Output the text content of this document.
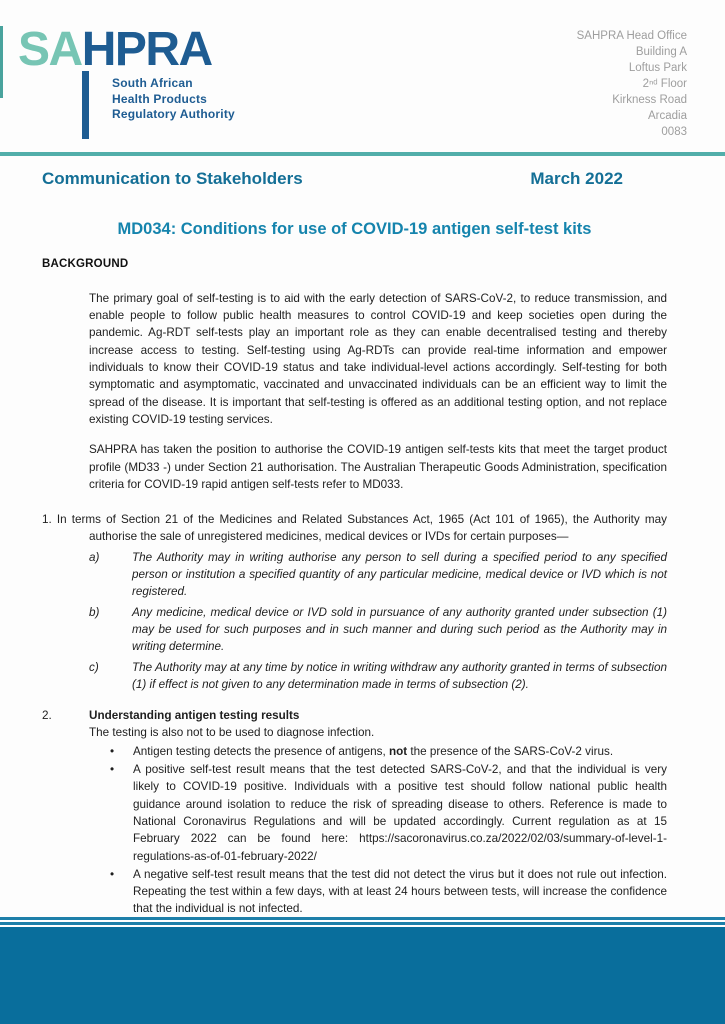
SAHPRA
South African
Health Products
Regulatory Authority
SAHPRA Head Office
Building A
Loftus Park
2ⁿᵈ Floor
Kirkness Road
Arcadia
0083
Communication to Stakeholders	March 2022
MD034: Conditions for use of COVID-19 antigen self-test kits
BACKGROUND

The primary goal of self-testing is to aid with the early detection of SARS-CoV-2, to reduce transmission, and enable people to follow public health measures to control COVID-19 and keep societies open during the pandemic. Ag-RDT self-tests play an important role as they can enable decentralised testing and thereby increase access to testing. Self-testing using Ag-RDTs can provide real-time information and empower individuals to know their COVID-19 status and take individual-level actions accordingly. Self-testing for both symptomatic and asymptomatic, vaccinated and unvaccinated individuals can be an efficient way to limit the spread of the disease. It is important that self-testing is offered as an additional testing option, and not replace existing COVID-19 testing services.

SAHPRA has taken the position to authorise the COVID-19 antigen self-tests kits that meet the target product profile (MD33 -) under Section 21 authorisation. The Australian Therapeutic Goods Administration, specification criteria for COVID-19 rapid antigen self-tests refer to MD033.

1. In terms of Section 21 of the Medicines and Related Substances Act, 1965 (Act 101 of 1965), the Authority may authorise the sale of unregistered medicines, medical devices or IVDs for certain purposes—
a)	The Authority may in writing authorise any person to sell during a specified period to any specified person or institution a specified quantity of any particular medicine, medical device or IVD which is not registered.
b)	Any medicine, medical device or IVD sold in pursuance of any authority granted under subsection (1) may be used for such purposes and in such manner and during such period as the Authority may in writing determine.
c)	The Authority may at any time by notice in writing withdraw any authority granted in terms of subsection (1) if effect is not given to any determination made in terms of subsection (2).
2.	Understanding antigen testing results
The testing is also not to be used to diagnose infection.
•	Antigen testing detects the presence of antigens, not the presence of the SARS-CoV-2 virus.
•	A positive self-test result means that the test detected SARS-CoV-2, and that the individual is very likely to COVID-19 positive. Individuals with a positive test should follow national public health guidance around isolation to reduce the risk of spreading disease to others. Reference is made to National Coronavirus Regulations and will be updated accordingly. Current regulation as at 15 February 2022 can be found here: https://sacoronavirus.co.za/2022/02/03/summary-of-level-1-regulations-as-of-01-february-2022/
•	A negative self-test result means that the test did not detect the virus but it does not rule out infection. Repeating the test within a few days, with at least 24 hours between tests, will increase the confidence that the individual is not infected.
